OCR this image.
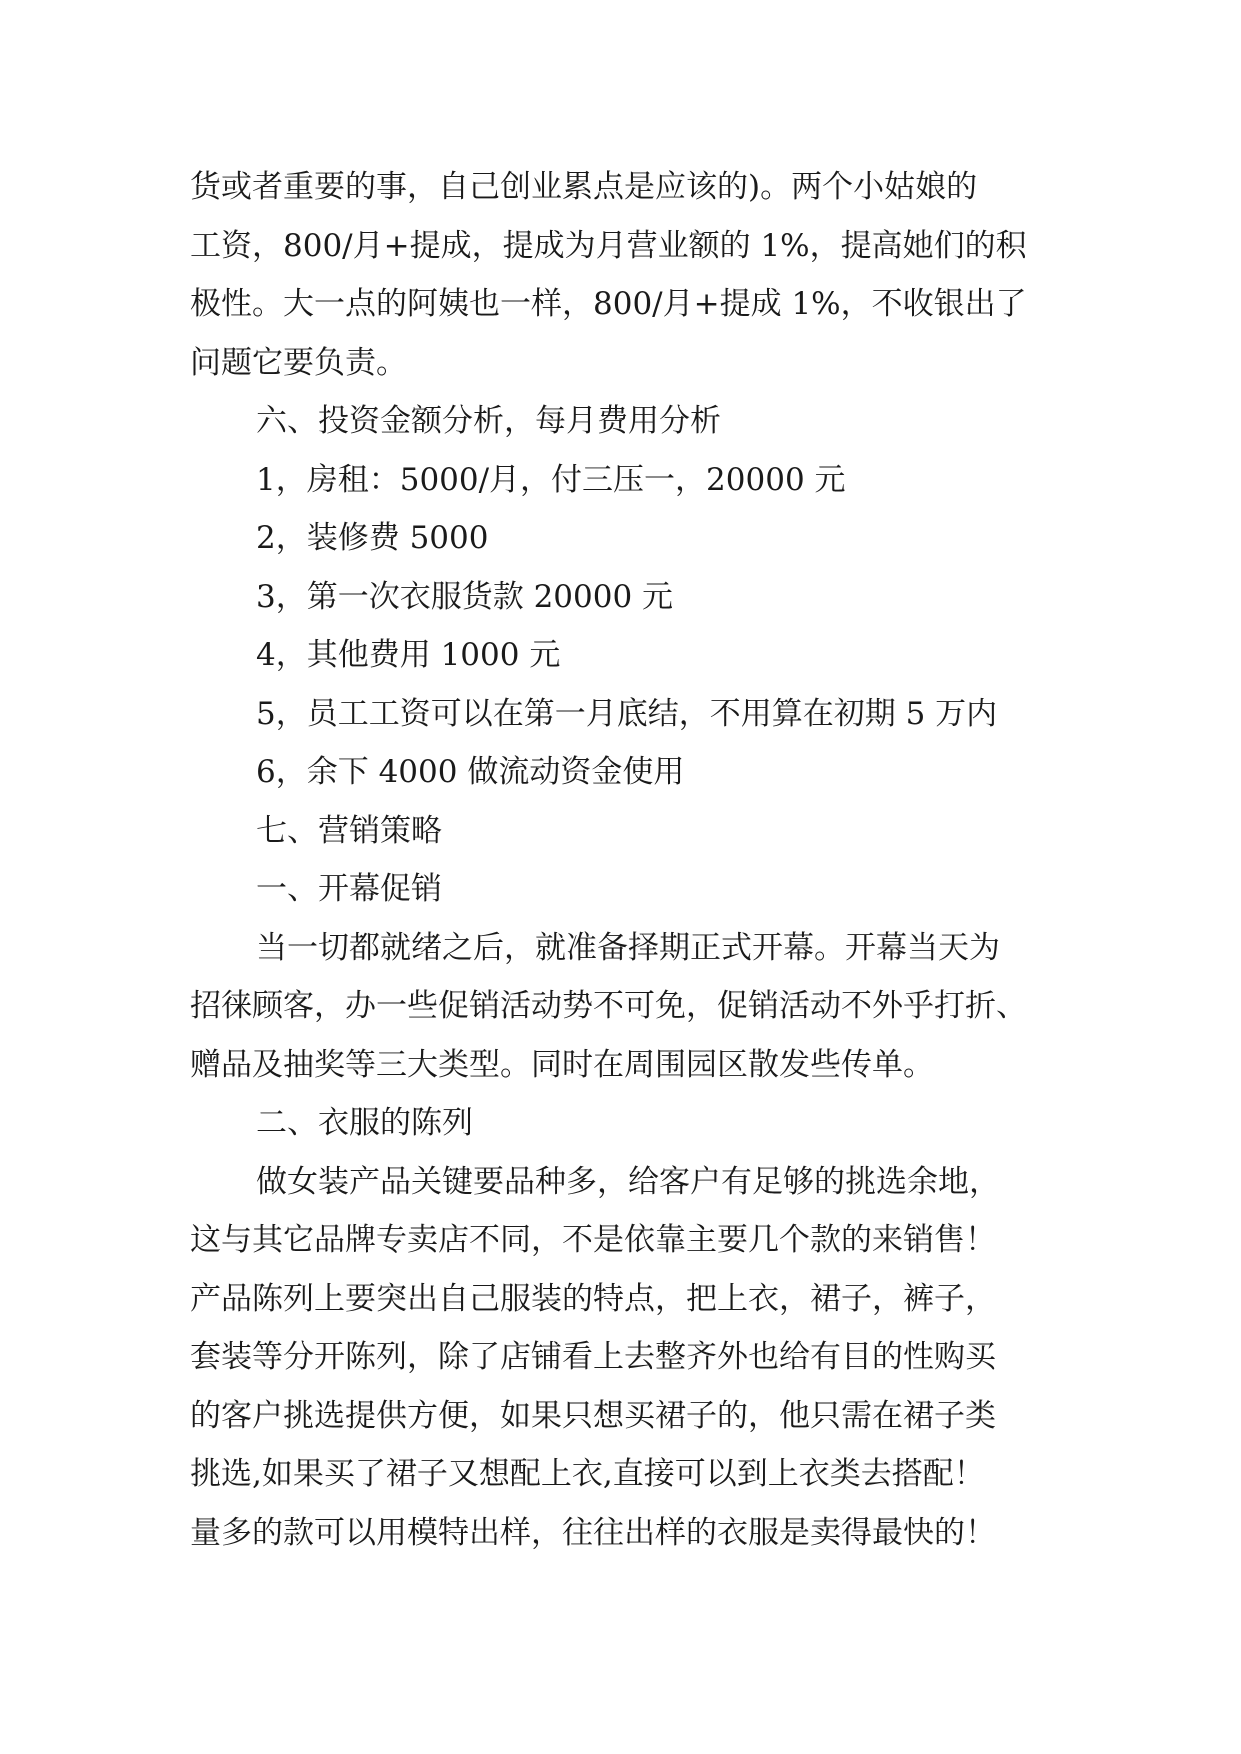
货或者重要的事，自己创业累点是应该的)。两个小姑娘的
工资，800/月+提成，提成为月营业额的 1%，提高她们的积
极性。大一点的阿姨也一样，800/月+提成 1%，不收银出了
问题它要负责。
六、投资金额分析，每月费用分析
1，房租：5000/月，付三压一，20000 元
2，装修费 5000
3，第一次衣服货款 20000 元
4，其他费用 1000 元
5，员工工资可以在第一月底结，不用算在初期 5 万内
6，余下 4000 做流动资金使用
七、营销策略
一、开幕促销
当一切都就绪之后，就准备择期正式开幕。开幕当天为
招徕顾客，办一些促销活动势不可免，促销活动不外乎打折、
赠品及抽奖等三大类型。同时在周围园区散发些传单。
二、衣服的陈列
做女装产品关键要品种多，给客户有足够的挑选余地，
这与其它品牌专卖店不同，不是依靠主要几个款的来销售！
产品陈列上要突出自己服装的特点，把上衣，裙子，裤子，
套装等分开陈列，除了店铺看上去整齐外也给有目的性购买
的客户挑选提供方便，如果只想买裙子的，他只需在裙子类
挑选,如果买了裙子又想配上衣,直接可以到上衣类去搭配！
量多的款可以用模特出样，往往出样的衣服是卖得最快的！
